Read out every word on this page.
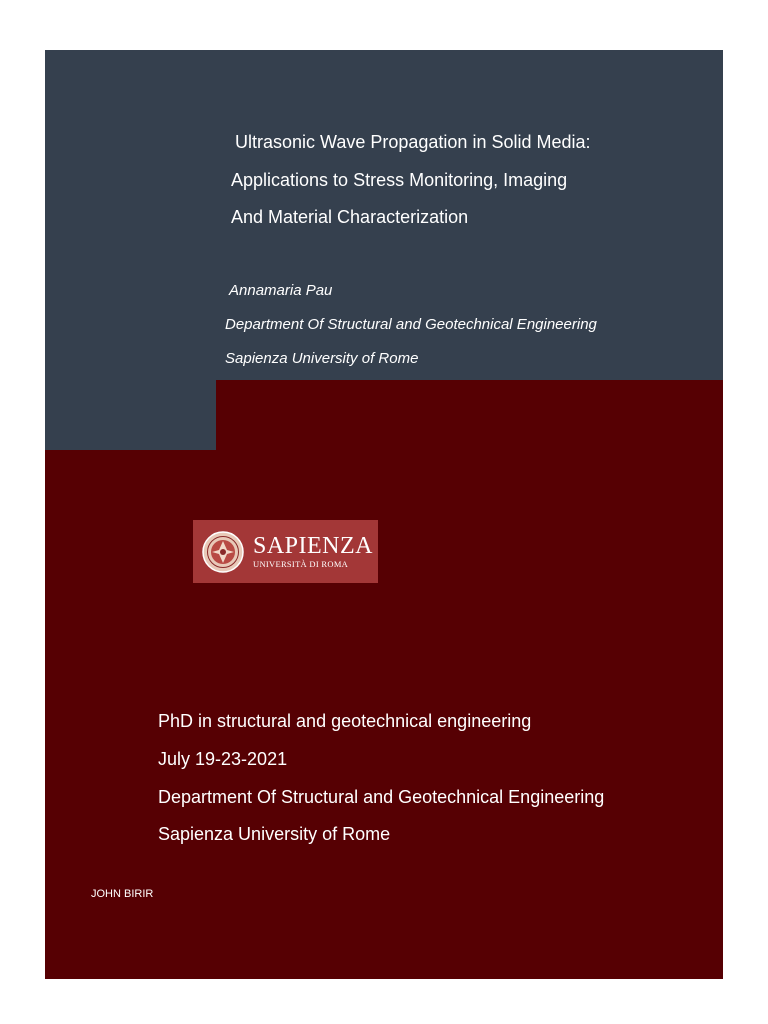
Ultrasonic Wave Propagation in Solid Media:
Applications to Stress Monitoring, Imaging
And Material Characterization
Annamaria Pau
Department Of Structural and Geotechnical Engineering
Sapienza University of Rome
SAPIENZA
UNIVERSITÀ DI ROMA
PhD in structural and geotechnical engineering
July 19-23-2021
Department Of Structural and Geotechnical Engineering
Sapienza University of Rome
JOHN BIRIR
